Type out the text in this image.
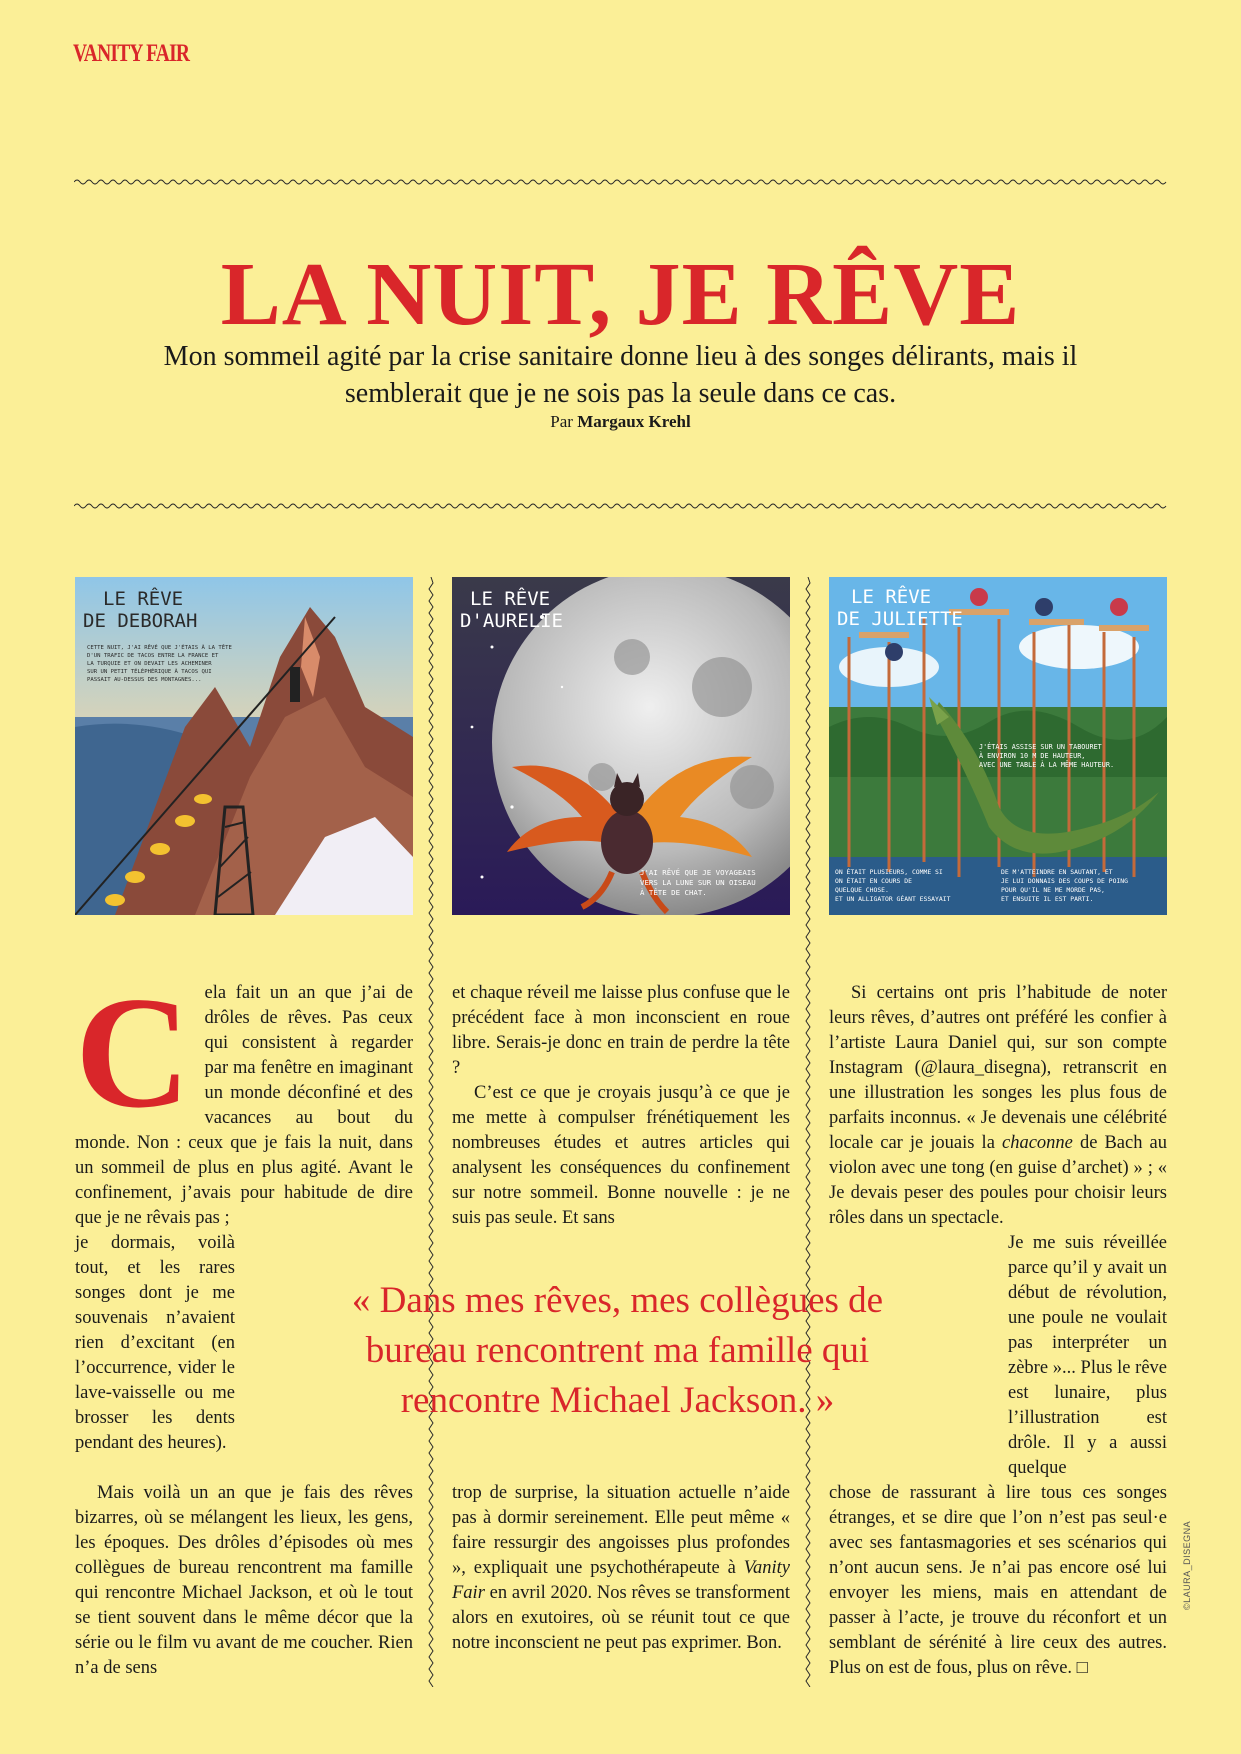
VANITY FAIR
LA NUIT, JE RÊVE
Mon sommeil agité par la crise sanitaire donne lieu à des songes délirants, mais il semblerait que je ne sois pas la seule dans ce cas.
Par Margaux Krehl
LE RÊVE
DE DEBORAH
CETTE NUIT, J'AI RÊVÉ QUE J'ÉTAIS À LA TÊTE
D'UN TRAFIC DE TACOS ENTRE LA FRANCE ET
LA TURQUIE ET ON DEVAIT LES ACHEMINER
SUR UN PETIT TÉLÉPHÉRIQUE À TACOS QUI
PASSAIT AU-DESSUS DES MONTAGNES...
LE RÊVE
D'AURELIE
J'AI RÊVÉ QUE JE VOYAGEAIS
VERS LA LUNE SUR UN OISEAU
À TÊTE DE CHAT.
LE RÊVE
DE JULIETTE
J'ÉTAIS ASSISE SUR UN TABOURET
À ENVIRON 10 M DE HAUTEUR,
AVEC UNE TABLE À LA MÊME HAUTEUR.
ON ÉTAIT PLUSIEURS, COMME SI
ON ÉTAIT EN COURS DE
QUELQUE CHOSE.
ET UN ALLIGATOR GÉANT ESSAYAIT
DE M'ATTEINDRE EN SAUTANT, ET
JE LUI DONNAIS DES COUPS DE POING
POUR QU'IL NE ME MORDE PAS,
ET ENSUITE IL EST PARTI.

Cela fait un an que j’ai de drôles de rêves. Pas ceux qui consistent à regarder par ma fenêtre en imaginant un monde déconfiné et des vacances au bout du monde. Non : ceux que je fais la nuit, dans un sommeil de plus en plus agité. Avant le confinement, j’avais pour habitude de dire que je ne rêvais pas ;

je dormais, voilà tout, et les rares songes dont je me souvenais n’avaient rien d’excitant (en l’occurrence, vider le lave-vaisselle ou me brosser les dents pendant des heures).

Mais voilà un an que je fais des rêves bizarres, où se mélangent les lieux, les gens, les époques. Des drôles d’épisodes où mes collègues de bureau rencontrent ma famille qui rencontre Michael Jackson, et où le tout se tient souvent dans le même décor que la série ou le film vu avant de me coucher. Rien n’a de sens

et chaque réveil me laisse plus confuse que le précédent face à mon inconscient en roue libre. Serais-je donc en train de perdre la tête ?

C’est ce que je croyais jusqu’à ce que je me mette à compulser frénétiquement les nombreuses études et autres articles qui analysent les conséquences du confinement sur notre sommeil. Bonne nouvelle : je ne suis pas seule. Et sans

trop de surprise, la situation actuelle n’aide pas à dormir sereinement. Elle peut même « faire ressurgir des angoisses plus profondes », expliquait une psychothérapeute à Vanity Fair en avril 2020. Nos rêves se transforment alors en exutoires, où se réunit tout ce que notre inconscient ne peut pas exprimer. Bon.

Si certains ont pris l’habitude de noter leurs rêves, d’autres ont préféré les confier à l’artiste Laura Daniel qui, sur son compte Instagram (@laura_disegna), retranscrit en une illustration les songes les plus fous de parfaits inconnus. « Je devenais une célébrité locale car je jouais la chaconne de Bach au violon avec une tong (en guise d’archet) » ; « Je devais peser des poules pour choisir leurs rôles dans un spectacle.

Je me suis réveillée parce qu’il y avait un début de révolution, une poule ne voulait pas interpréter un zèbre »... Plus le rêve est lunaire, plus l’illustration est drôle. Il y a aussi quelque

chose de rassurant à lire tous ces songes étranges, et se dire que l’on n’est pas seul·e avec ses fantasmagories et ses scénarios qui n’ont aucun sens. Je n’ai pas encore osé lui envoyer les miens, mais en attendant de passer à l’acte, je trouve du réconfort et un semblant de sérénité à lire ceux des autres. Plus on est de fous, plus on rêve. □

« Dans mes rêves, mes collègues de bureau rencontrent ma famille qui rencontre Michael Jackson. »
©LAURA_DISEGNA
